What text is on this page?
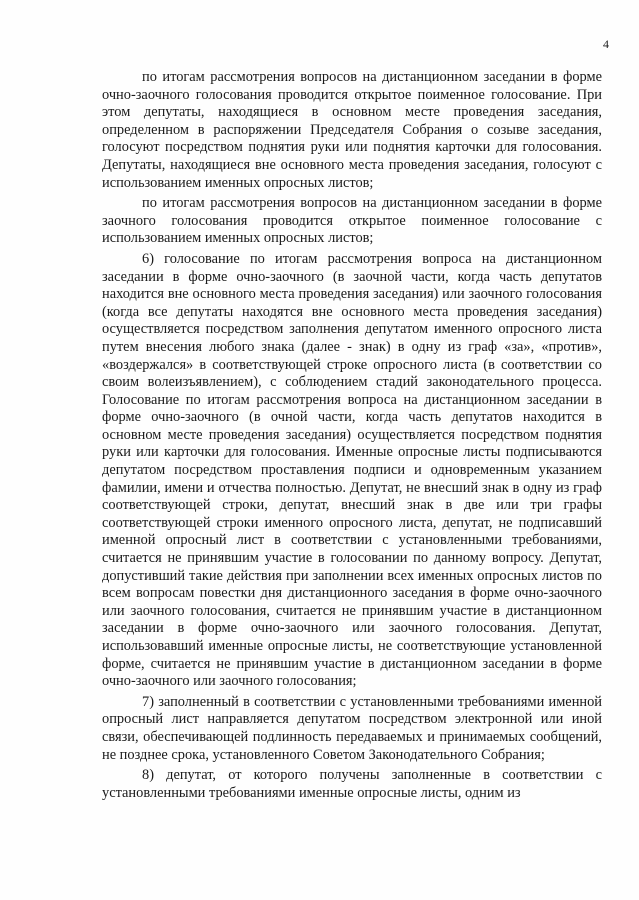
4

по итогам рассмотрения вопросов на дистанционном заседании в форме очно-заочного голосования проводится открытое поименное голосование. При этом депутаты, находящиеся в основном месте проведения заседания, определенном в распоряжении Председателя Собрания о созыве заседания, голосуют посредством поднятия руки или поднятия карточки для голосования. Депутаты, находящиеся вне основного места проведения заседания, голосуют с использованием именных опросных листов;

по итогам рассмотрения вопросов на дистанционном заседании в форме заочного голосования проводится открытое поименное голосование с использованием именных опросных листов;

6) голосование по итогам рассмотрения вопроса на дистанционном заседании в форме очно-заочного (в заочной части, когда часть депутатов находится вне основного места проведения заседания) или заочного голосования (когда все депутаты находятся вне основного места проведения заседания) осуществляется посредством заполнения депутатом именного опросного листа путем внесения любого знака (далее - знак) в одну из граф «за», «против», «воздержался» в соответствующей строке опросного листа (в соответствии со своим волеизъявлением), с соблюдением стадий законодательного процесса. Голосование по итогам рассмотрения вопроса на дистанционном заседании в форме очно-заочного (в очной части, когда часть депутатов находится в основном месте проведения заседания) осуществляется посредством поднятия руки или карточки для голосования. Именные опросные листы подписываются депутатом посредством проставления подписи и одновременным указанием фамилии, имени и отчества полностью. Депутат, не внесший знак в одну из граф соответствующей строки, депутат, внесший знак в две или три графы соответствующей строки именного опросного листа, депутат, не подписавший именной опросный лист в соответствии с установленными требованиями, считается не принявшим участие в голосовании по данному вопросу. Депутат, допустивший такие действия при заполнении всех именных опросных листов по всем вопросам повестки дня дистанционного заседания в форме очно-заочного или заочного голосования, считается не принявшим участие в дистанционном заседании в форме очно-заочного или заочного голосования. Депутат, использовавший именные опросные листы, не соответствующие установленной форме, считается не принявшим участие в дистанционном заседании в форме очно-заочного или заочного голосования;

7) заполненный в соответствии с установленными требованиями именной опросный лист направляется депутатом посредством электронной или иной связи, обеспечивающей подлинность передаваемых и принимаемых сообщений, не позднее срока, установленного Советом Законодательного Собрания;

8) депутат, от которого получены заполненные в соответствии с установленными требованиями именные опросные листы, одним из
